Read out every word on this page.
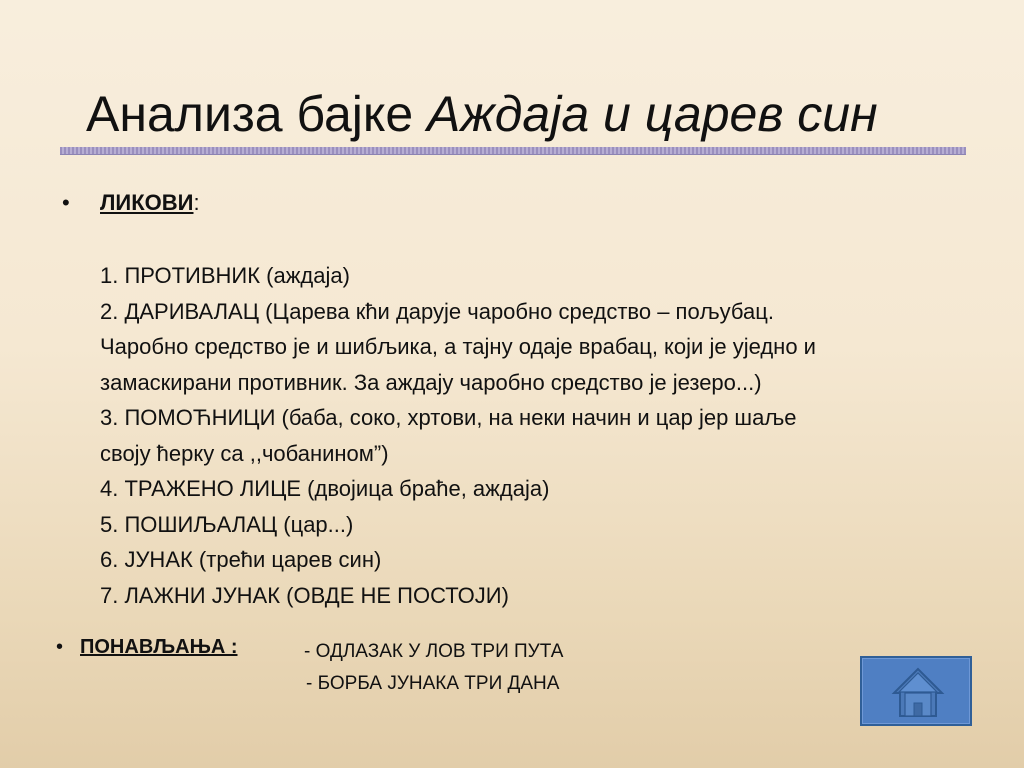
Анализа бајке Аждаја и царев син
• ЛИКОВИ:
1. ПРОТИВНИК (аждаја)
2. ДАРИВАЛАЦ (Царева кћи дарује чаробно средство – пољубац.
Чаробно средство је и шибљика, а тајну одаје врабац, који је уједно и
замаскирани противник. За аждају чаробно средство је језеро...)
3. ПОМОЋНИЦИ (баба, соко, хртови, на неки начин и цар јер шаље
своју ћерку са ,,чобанином”)
4. ТРАЖЕНО ЛИЦЕ (двојица браће, аждаја)
5. ПОШИЉАЛАЦ (цар...)
6. ЈУНАК (трећи царев син)
7. ЛАЖНИ ЈУНАК (ОВДЕ НЕ ПОСТОЈИ)
• ПОНАВЉАЊА :	- ОДЛАЗАК У ЛОВ ТРИ ПУТА
- БОРБА ЈУНАКА ТРИ ДАНА
